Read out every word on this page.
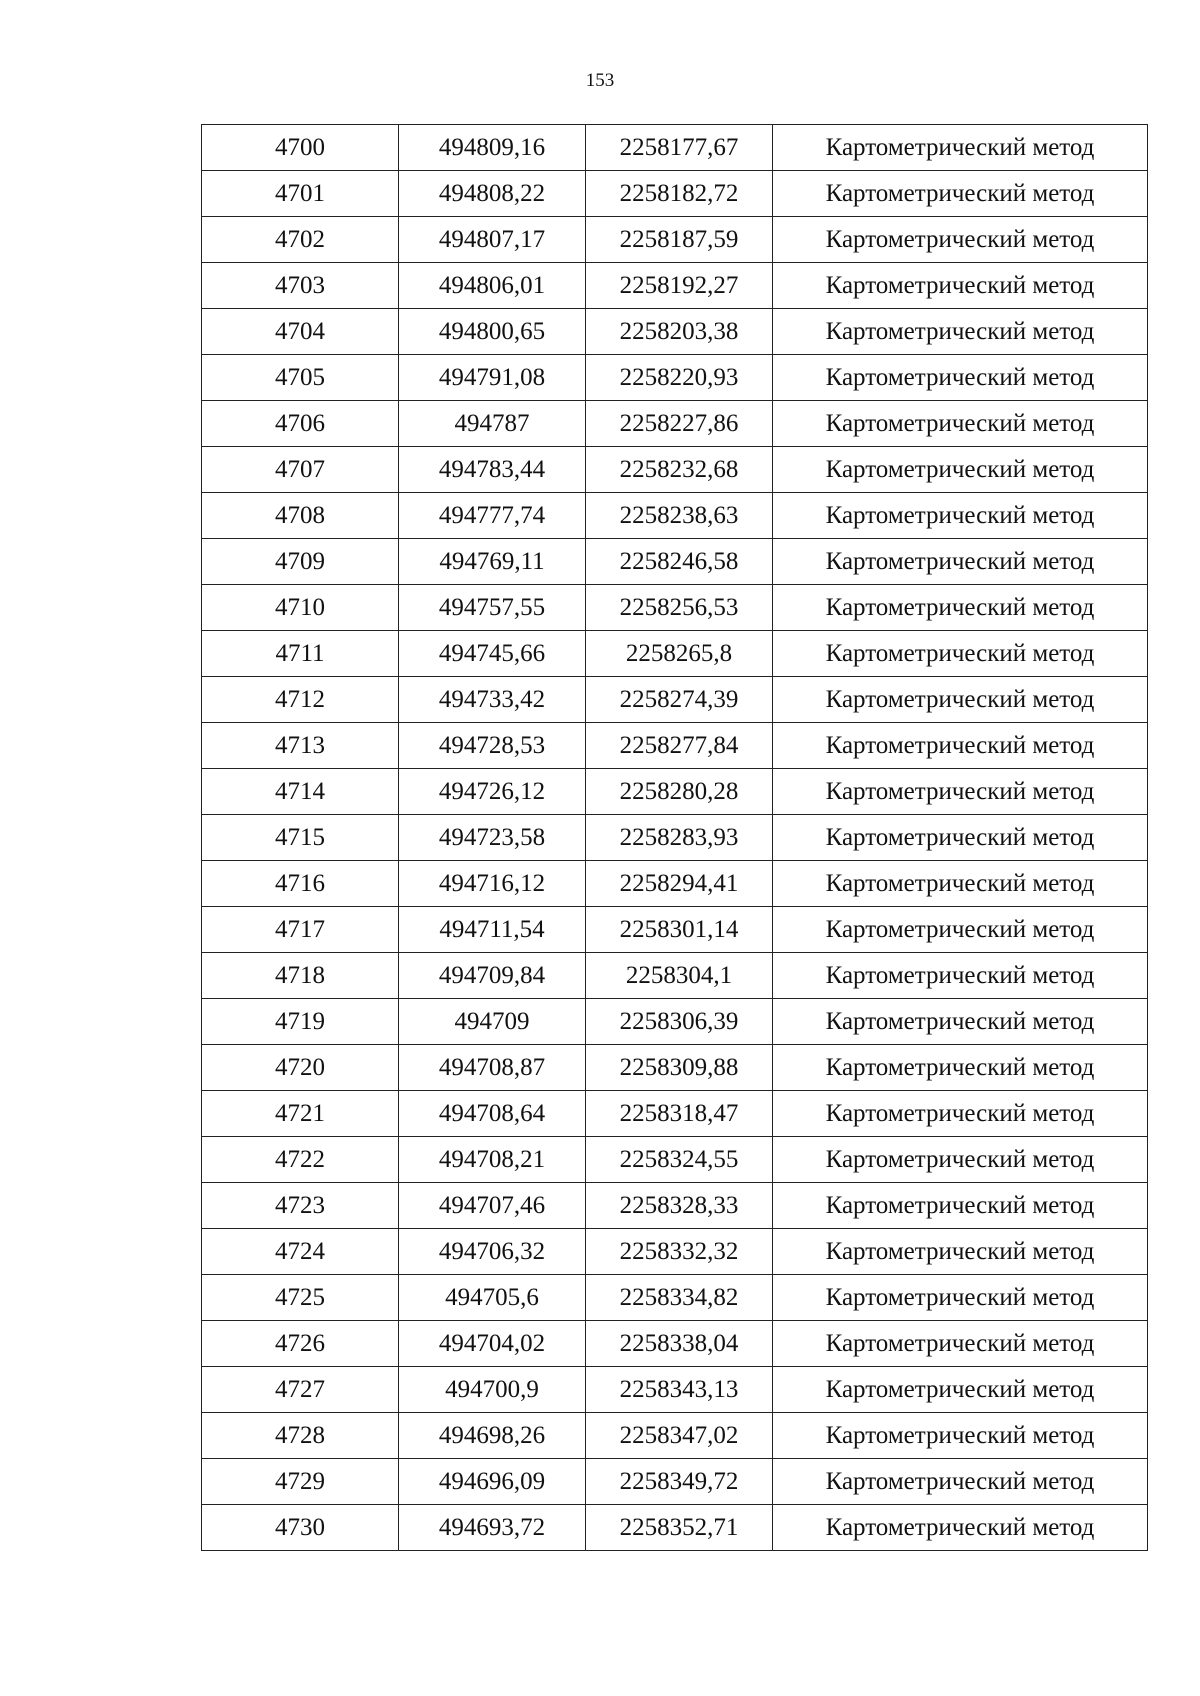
153
4700	494809,16	2258177,67	Картометрический метод
4701	494808,22	2258182,72	Картометрический метод
4702	494807,17	2258187,59	Картометрический метод
4703	494806,01	2258192,27	Картометрический метод
4704	494800,65	2258203,38	Картометрический метод
4705	494791,08	2258220,93	Картометрический метод
4706	494787	2258227,86	Картометрический метод
4707	494783,44	2258232,68	Картометрический метод
4708	494777,74	2258238,63	Картометрический метод
4709	494769,11	2258246,58	Картометрический метод
4710	494757,55	2258256,53	Картометрический метод
4711	494745,66	2258265,8	Картометрический метод
4712	494733,42	2258274,39	Картометрический метод
4713	494728,53	2258277,84	Картометрический метод
4714	494726,12	2258280,28	Картометрический метод
4715	494723,58	2258283,93	Картометрический метод
4716	494716,12	2258294,41	Картометрический метод
4717	494711,54	2258301,14	Картометрический метод
4718	494709,84	2258304,1	Картометрический метод
4719	494709	2258306,39	Картометрический метод
4720	494708,87	2258309,88	Картометрический метод
4721	494708,64	2258318,47	Картометрический метод
4722	494708,21	2258324,55	Картометрический метод
4723	494707,46	2258328,33	Картометрический метод
4724	494706,32	2258332,32	Картометрический метод
4725	494705,6	2258334,82	Картометрический метод
4726	494704,02	2258338,04	Картометрический метод
4727	494700,9	2258343,13	Картометрический метод
4728	494698,26	2258347,02	Картометрический метод
4729	494696,09	2258349,72	Картометрический метод
4730	494693,72	2258352,71	Картометрический метод
